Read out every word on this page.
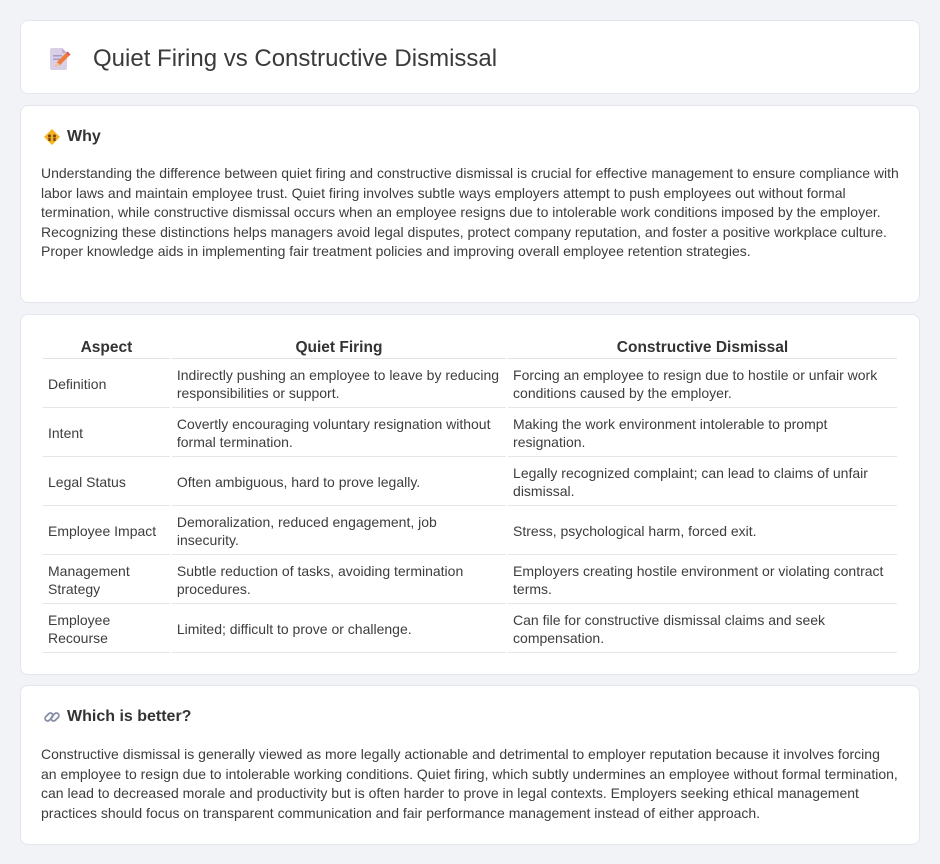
Quiet Firing vs Constructive Dismissal
Why

Understanding the difference between quiet firing and constructive dismissal is crucial for effective management to ensure compliance with labor laws and maintain employee trust. Quiet firing involves subtle ways employers attempt to push employees out without formal termination, while constructive dismissal occurs when an employee resigns due to intolerable work conditions imposed by the employer. Recognizing these distinctions helps managers avoid legal disputes, protect company reputation, and foster a positive workplace culture. Proper knowledge aids in implementing fair treatment policies and improving overall employee retention strategies.

Aspect	Quiet Firing	Constructive Dismissal
Definition	Indirectly pushing an employee to leave by reducing responsibilities or support.	Forcing an employee to resign due to hostile or unfair work conditions caused by the employer.
Intent	Covertly encouraging voluntary resignation without formal termination.	Making the work environment intolerable to prompt resignation.
Legal Status	Often ambiguous, hard to prove legally.	Legally recognized complaint; can lead to claims of unfair dismissal.
Employee Impact	Demoralization, reduced engagement, job insecurity.	Stress, psychological harm, forced exit.
Management Strategy	Subtle reduction of tasks, avoiding termination procedures.	Employers creating hostile environment or violating contract terms.
Employee Recourse	Limited; difficult to prove or challenge.	Can file for constructive dismissal claims and seek compensation.
Which is better?

Constructive dismissal is generally viewed as more legally actionable and detrimental to employer reputation because it involves forcing an employee to resign due to intolerable working conditions. Quiet firing, which subtly undermines an employee without formal termination, can lead to decreased morale and productivity but is often harder to prove in legal contexts. Employers seeking ethical management practices should focus on transparent communication and fair performance management instead of either approach.
